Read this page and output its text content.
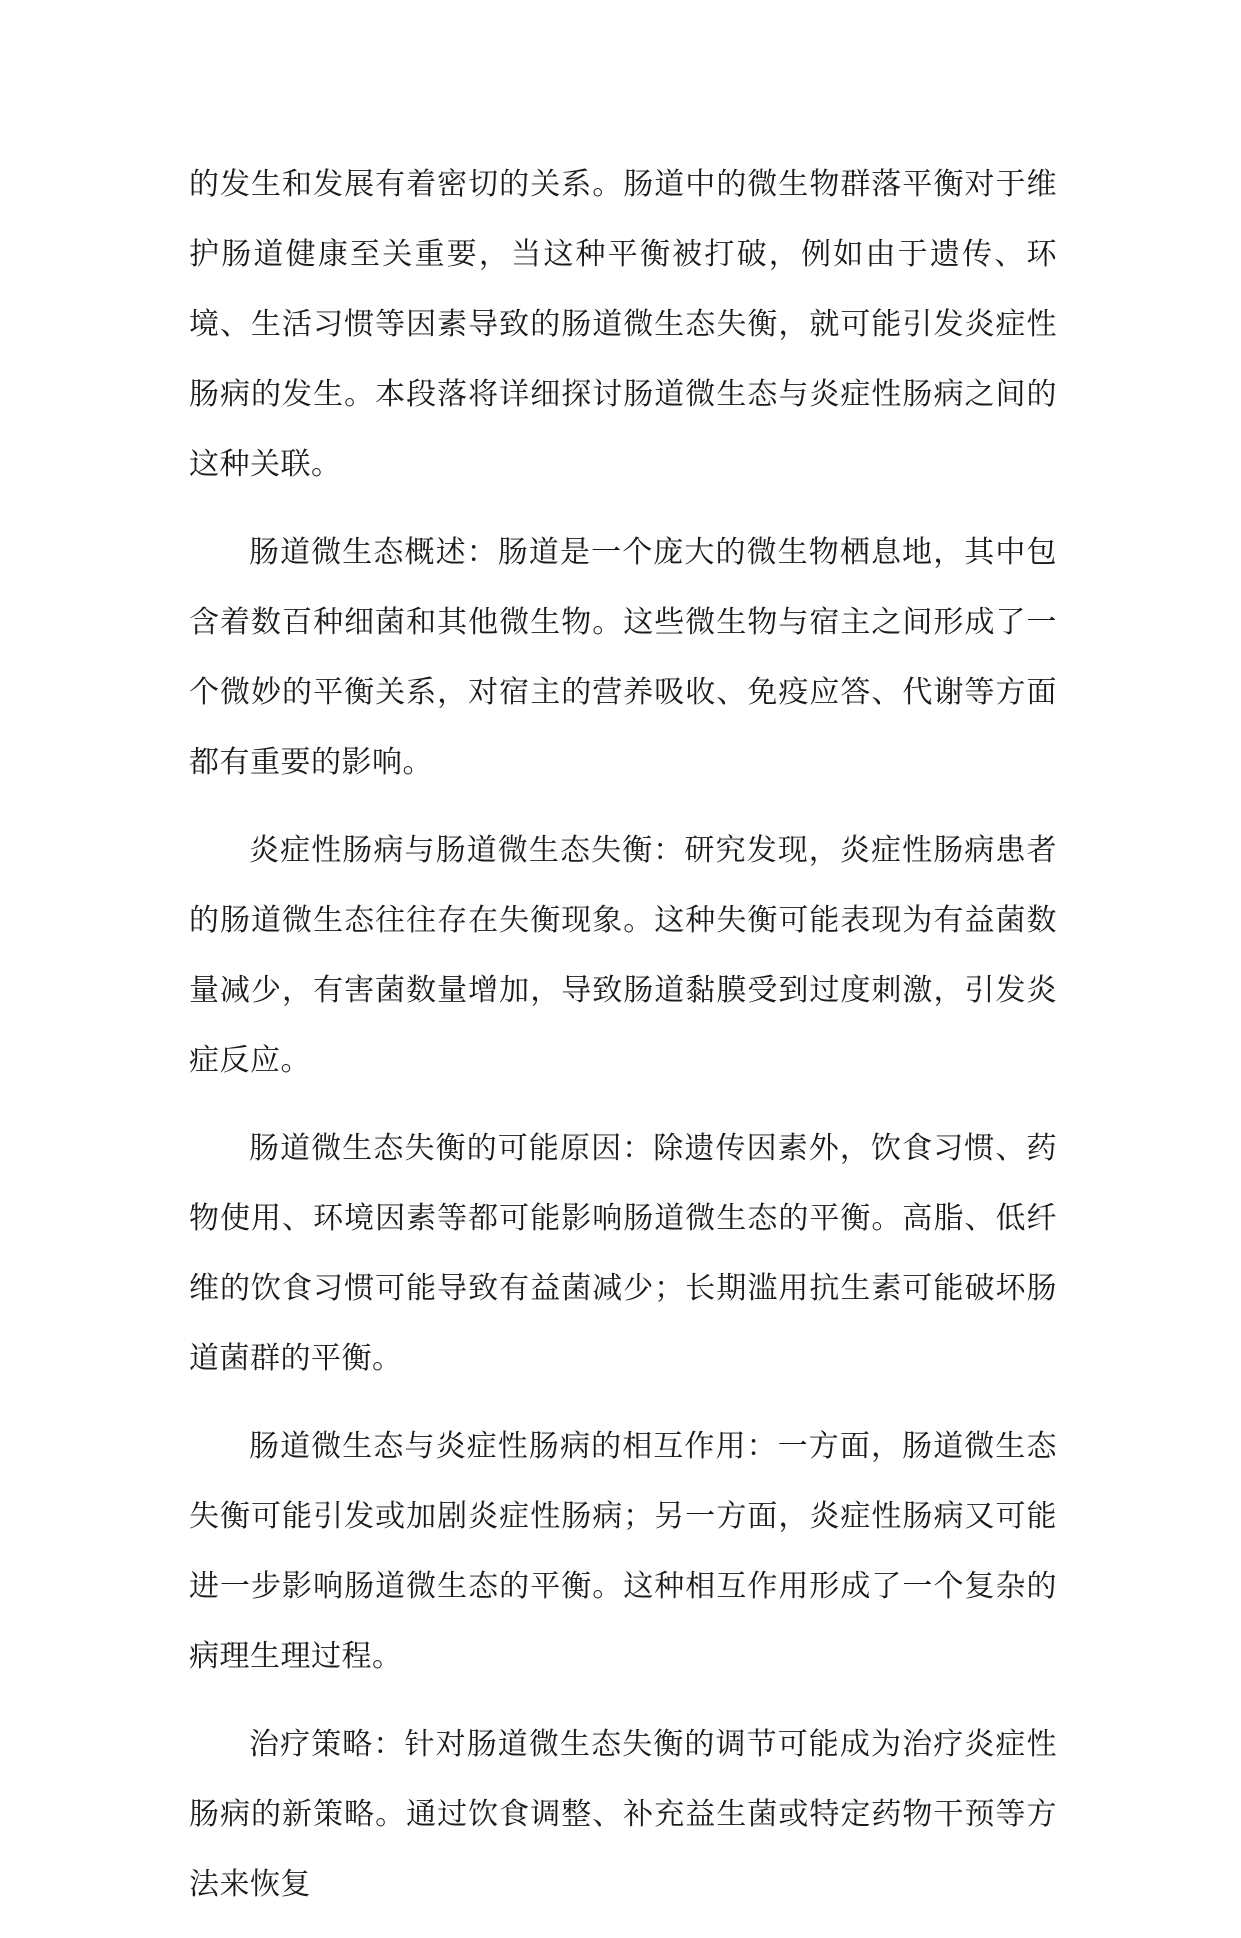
的发生和发展有着密切的关系。肠道中的微生物群落平衡对于维护肠道健康至关重要，当这种平衡被打破，例如由于遗传、环境、生活习惯等因素导致的肠道微生态失衡，就可能引发炎症性肠病的发生。本段落将详细探讨肠道微生态与炎症性肠病之间的这种关联。

肠道微生态概述：肠道是一个庞大的微生物栖息地，其中包含着数百种细菌和其他微生物。这些微生物与宿主之间形成了一个微妙的平衡关系，对宿主的营养吸收、免疫应答、代谢等方面都有重要的影响。

炎症性肠病与肠道微生态失衡：研究发现，炎症性肠病患者的肠道微生态往往存在失衡现象。这种失衡可能表现为有益菌数量减少，有害菌数量增加，导致肠道黏膜受到过度刺激，引发炎症反应。

肠道微生态失衡的可能原因：除遗传因素外，饮食习惯、药物使用、环境因素等都可能影响肠道微生态的平衡。高脂、低纤维的饮食习惯可能导致有益菌减少；长期滥用抗生素可能破坏肠道菌群的平衡。

肠道微生态与炎症性肠病的相互作用：一方面，肠道微生态失衡可能引发或加剧炎症性肠病；另一方面，炎症性肠病又可能进一步影响肠道微生态的平衡。这种相互作用形成了一个复杂的病理生理过程。

治疗策略：针对肠道微生态失衡的调节可能成为治疗炎症性肠病的新策略。通过饮食调整、补充益生菌或特定药物干预等方法来恢复
